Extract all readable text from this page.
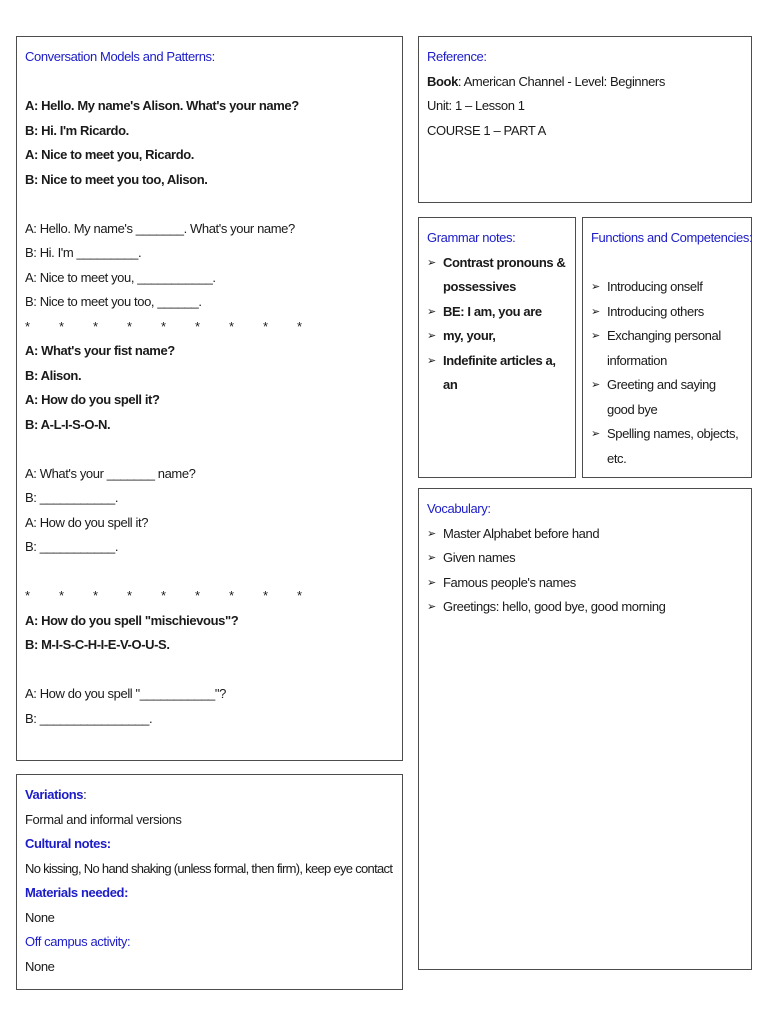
Conversation Models and Patterns:
A: Hello. My name's Alison. What's your name?
B: Hi. I'm Ricardo.
A: Nice to meet you, Ricardo.
B: Nice to meet you too, Alison.
A: Hello. My name's _______. What's your name?
B: Hi. I'm _________.
A: Nice to meet you, ___________.
B: Nice to meet you too, ______.
*	*	*	*	*	*	*	*	*
A: What's your fist name?
B: Alison.
A: How do you spell it?
B: A-L-I-S-O-N.
A: What's your _______ name?
B: ___________.
A: How do you spell it?
B: ___________.
*	*	*	*	*	*	*	*	*
A: How do you spell "mischievous"?
B: M-I-S-C-H-I-E-V-O-U-S.
A: How do you spell "___________"?
B: ________________.
Reference:
Book: American Channel - Level: Beginners
Unit: 1 – Lesson 1
COURSE 1 – PART A
Grammar notes:
➢ Contrast pronouns & possessives
➢ BE: I am, you are
➢ my, your,
➢ Indefinite articles a, an
Functions and Competencies:
➢ Introducing onself
➢ Introducing others
➢ Exchanging personal information
➢ Greeting and saying good bye
➢ Spelling names, objects, etc.
Vocabulary:
➢ Master Alphabet before hand
➢ Given names
➢ Famous people's names
➢ Greetings: hello, good bye, good morning
Variations:
Formal and informal versions
Cultural notes:
No kissing, No hand shaking (unless formal, then firm), keep eye contact
Materials needed:
None
Off campus activity:
None
